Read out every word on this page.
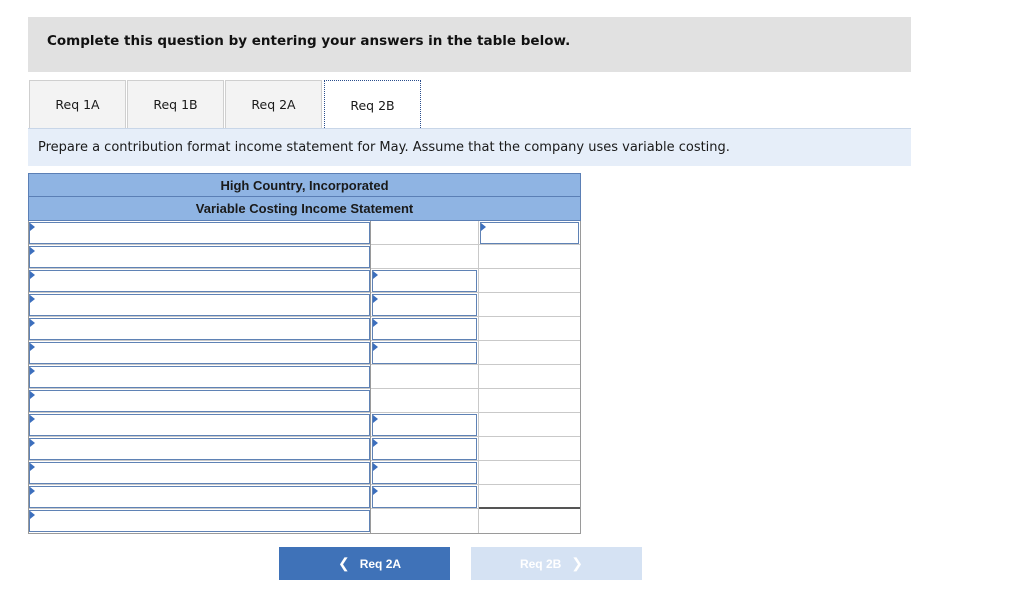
Complete this question by entering your answers in the table below.
Req 1A	Req 1B	Req 2A	Req 2B
Prepare a contribution format income statement for May. Assume that the company uses variable costing.
High Country, Incorporated
Variable Costing Income Statement
❮ Req 2A	Req 2B ❯
